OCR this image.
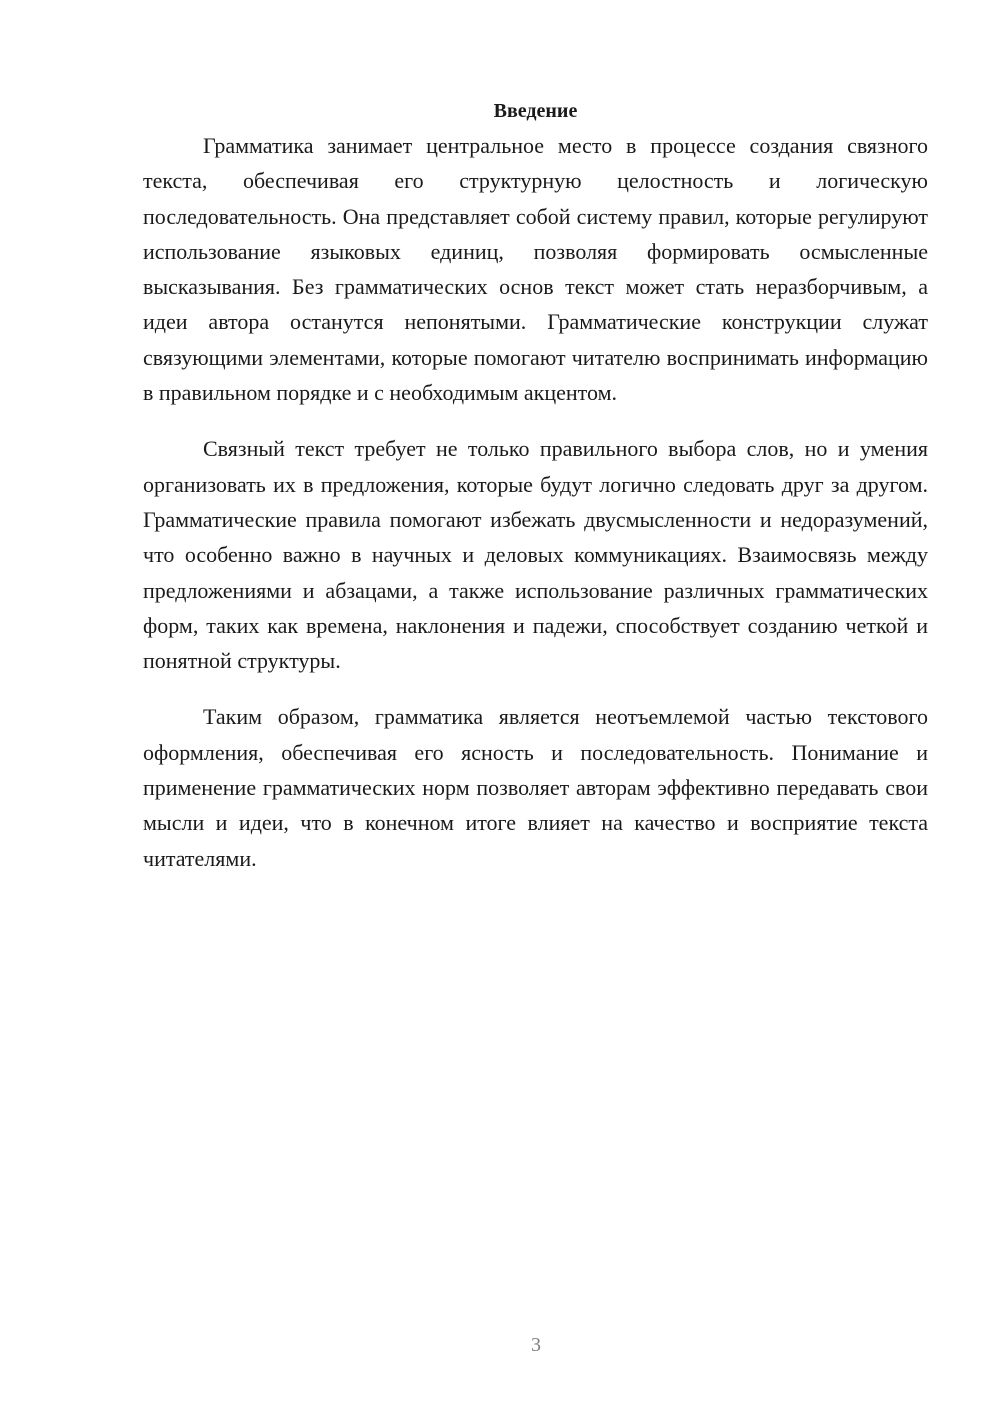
Введение

Грамматика занимает центральное место в процессе создания связного текста, обеспечивая его структурную целостность и логическую последовательность. Она представляет собой систему правил, которые регулируют использование языковых единиц, позволяя формировать осмысленные высказывания. Без грамматических основ текст может стать неразборчивым, а идеи автора останутся непонятыми. Грамматические конструкции служат связующими элементами, которые помогают читателю воспринимать информацию в правильном порядке и с необходимым акцентом.

Связный текст требует не только правильного выбора слов, но и умения организовать их в предложения, которые будут логично следовать друг за другом. Грамматические правила помогают избежать двусмысленности и недоразумений, что особенно важно в научных и деловых коммуникациях. Взаимосвязь между предложениями и абзацами, а также использование различных грамматических форм, таких как времена, наклонения и падежи, способствует созданию четкой и понятной структуры.

Таким образом, грамматика является неотъемлемой частью текстового оформления, обеспечивая его ясность и последовательность. Понимание и применение грамматических норм позволяет авторам эффективно передавать свои мысли и идеи, что в конечном итоге влияет на качество и восприятие текста читателями.

3
